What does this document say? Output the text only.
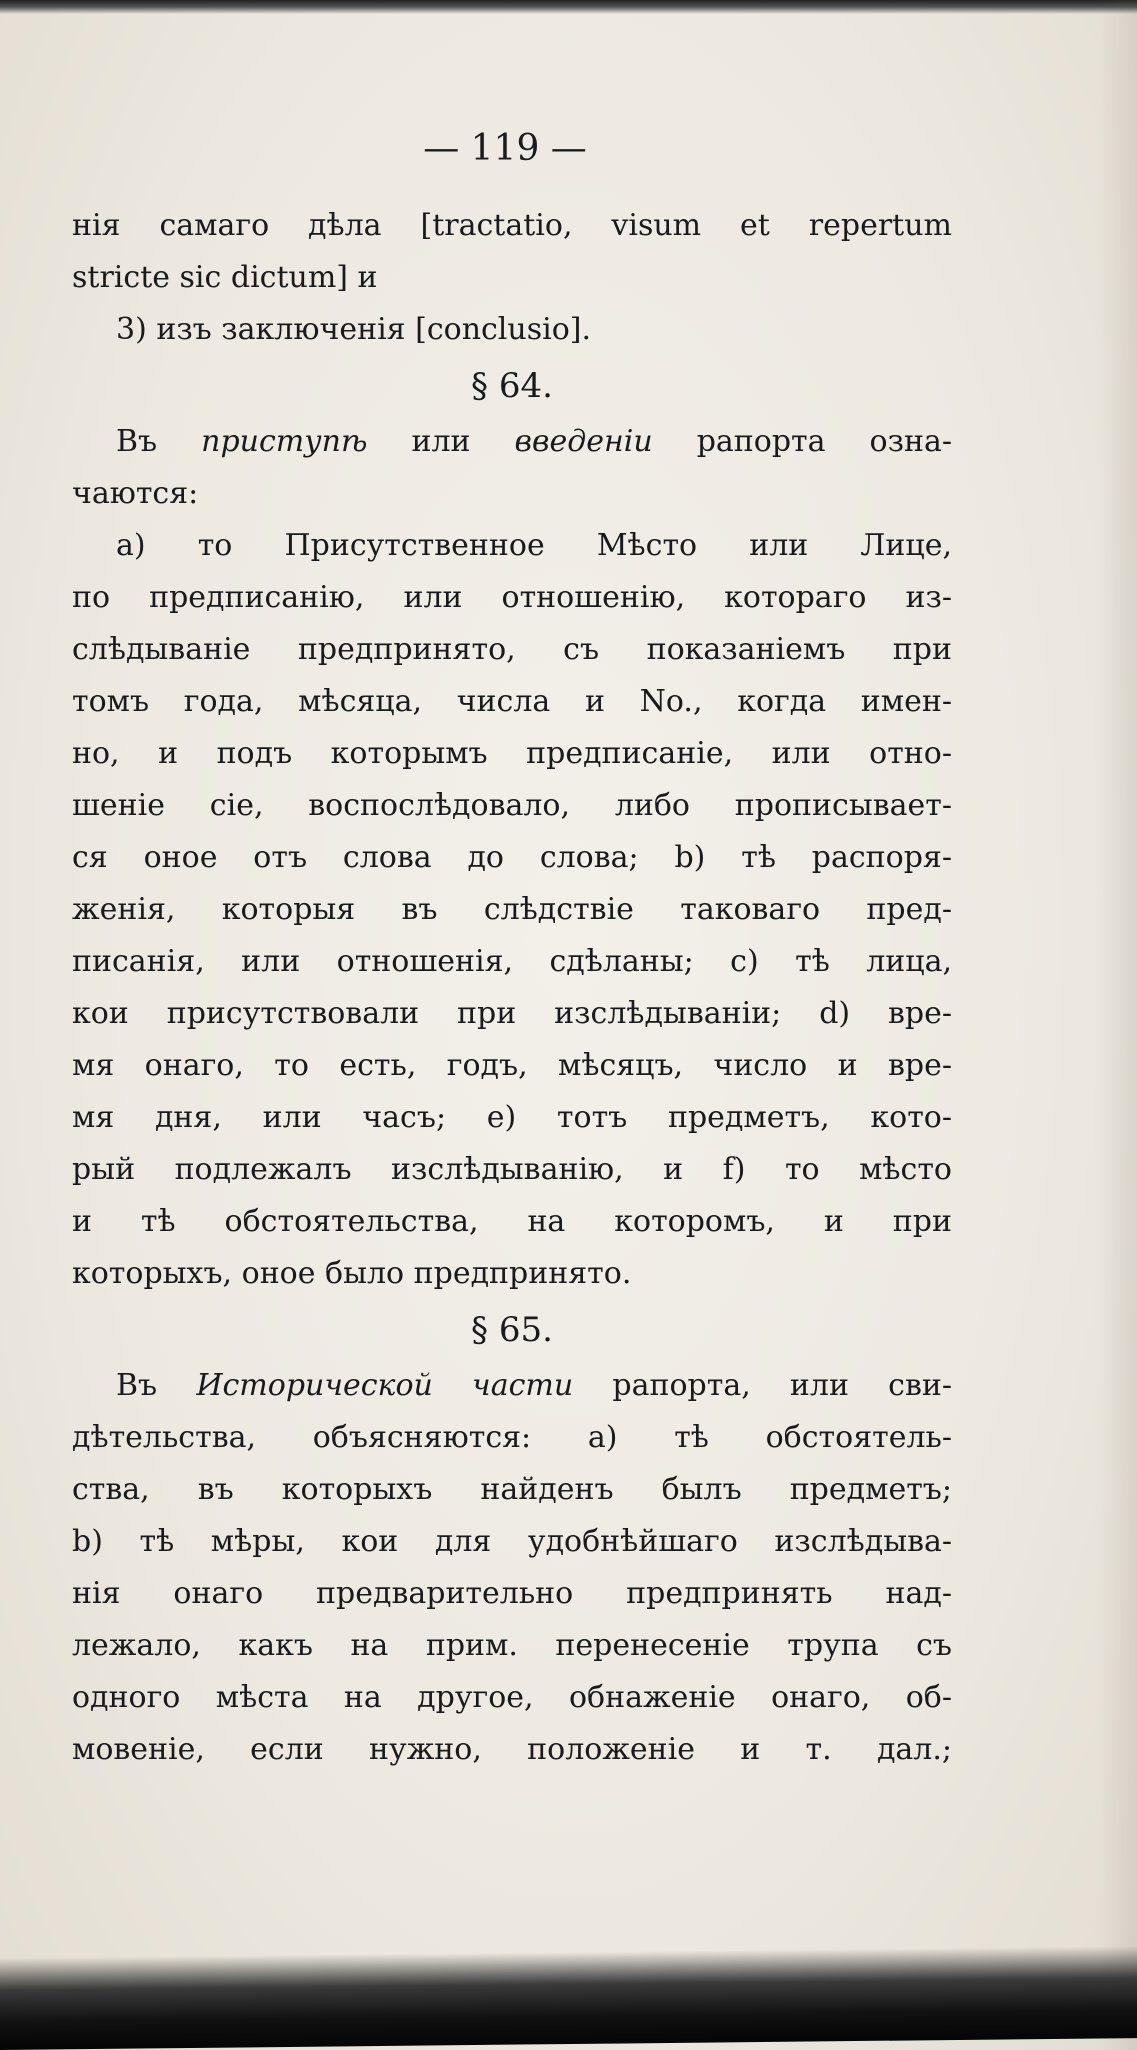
— 119 —
нія самаго дѣла [tractatio, visum et repertum
stricte sic dictum] и
3) изъ заключенія [conclusio].
§ 64.
Въ приступѣ или введеніи рапорта озна-
чаются:
a) то Присутственное Мѣсто или Лице,
по предписанію, или отношенію, котораго из-
слѣдываніе предпринято, съ показаніемъ при
томъ года, мѣсяца, числа и No., когда имен-
но, и подъ которымъ предписаніе, или отно-
шеніе сіе, воспослѣдовало, либо прописывает-
ся оное отъ слова до слова; b) тѣ распоря-
женія, которыя въ слѣдствіе таковаго пред-
писанія, или отношенія, сдѣланы; c) тѣ лица,
кои присутствовали при изслѣдываніи; d) вре-
мя онаго, то есть, годъ, мѣсяцъ, число и вре-
мя дня, или часъ; e) тотъ предметъ, кото-
рый подлежалъ изслѣдыванію, и f) то мѣсто
и тѣ обстоятельства, на которомъ, и при
которыхъ, оное было предпринято.
§ 65.
Въ Исторической части рапорта, или сви-
дѣтельства, объясняются: a) тѣ обстоятель-
ства, въ которыхъ найденъ былъ предметъ;
b) тѣ мѣры, кои для удобнѣйшаго изслѣдыва-
нія онаго предварительно предпринять над-
лежало, какъ на прим. перенесеніе трупа съ
одного мѣста на другое, обнаженіе онаго, об-
мовеніе, если нужно, положеніе и т. дал.;
